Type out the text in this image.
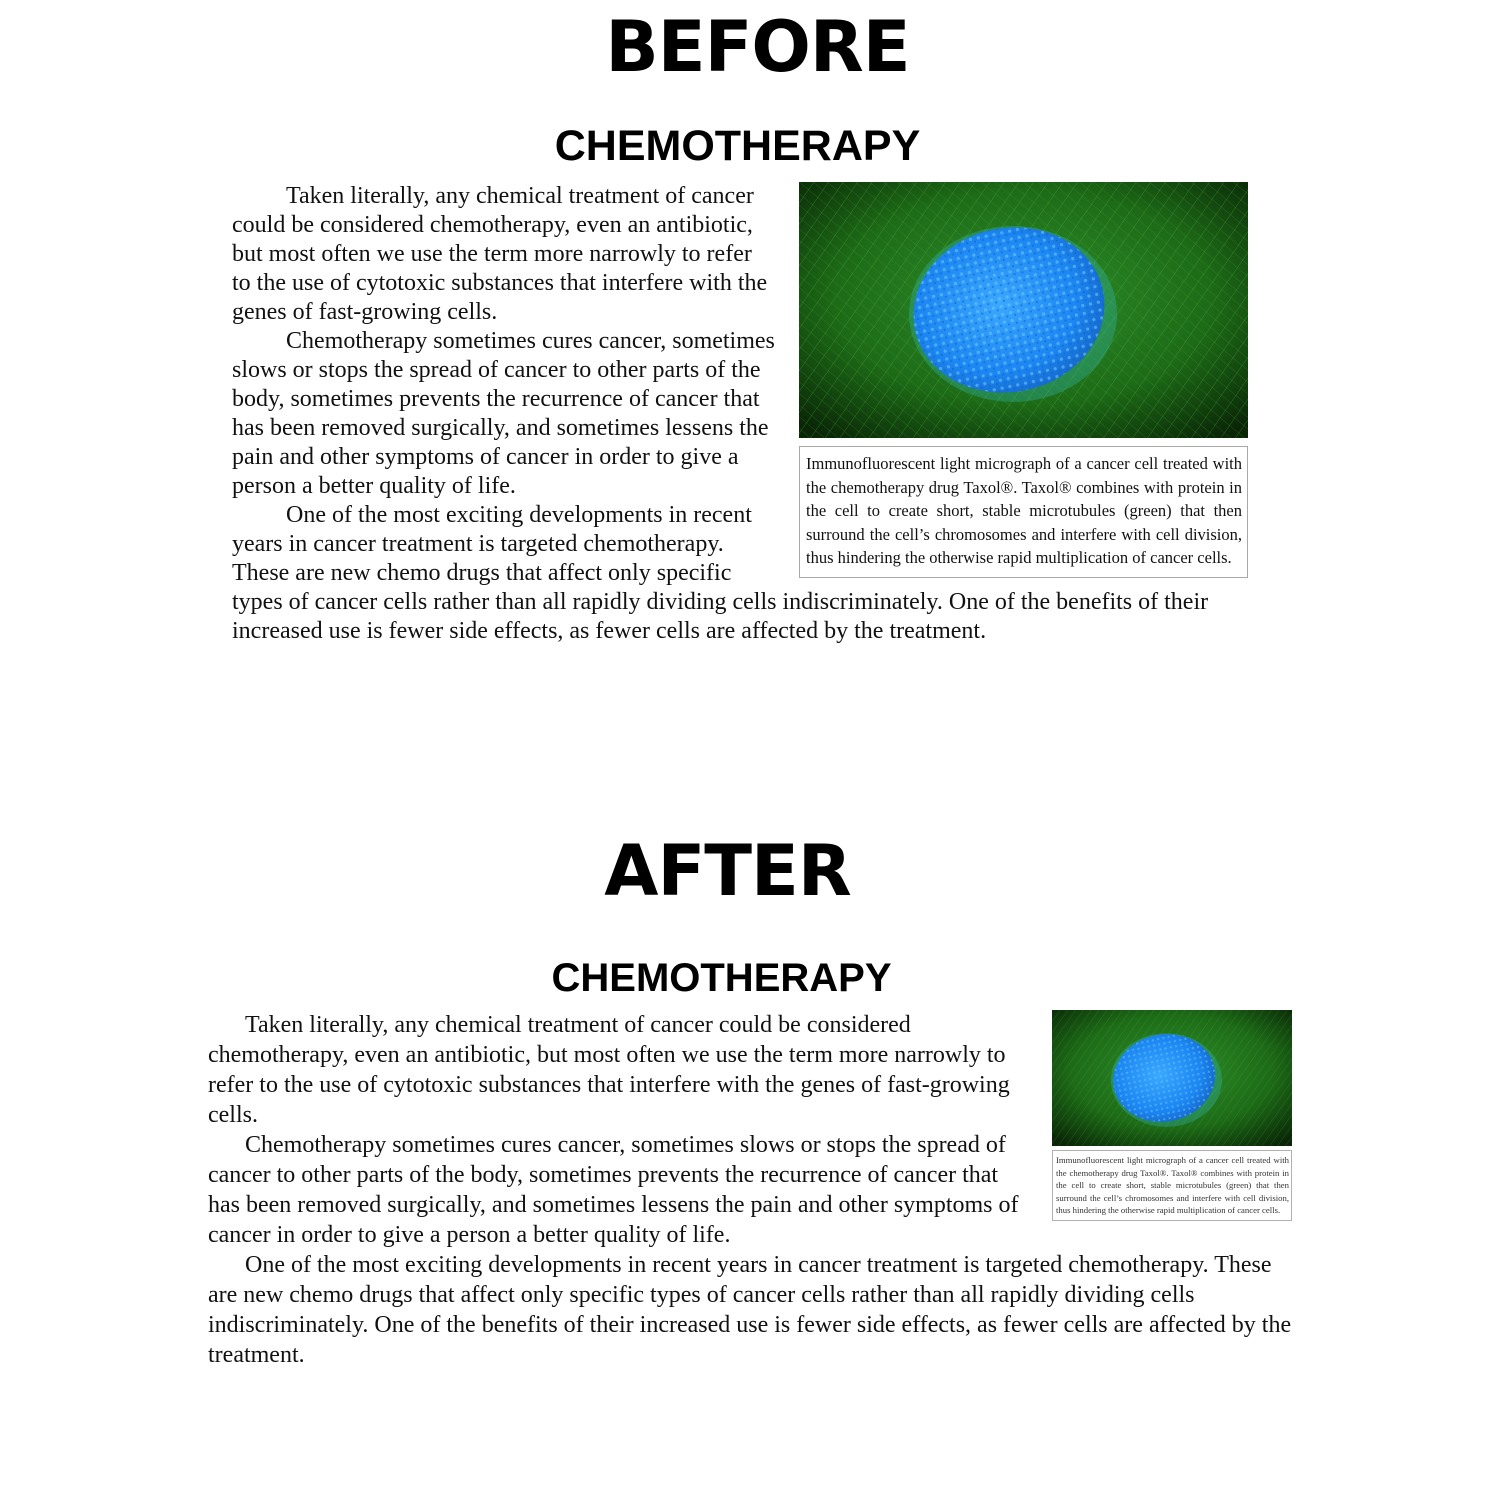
BEFORE
CHEMOTHERAPY
Immunofluorescent light micrograph of a cancer cell treated with the chemotherapy drug Taxol®. Taxol® combines with protein in the cell to create short, stable microtubules (green) that then surround the cell’s chromosomes and interfere with cell division, thus hindering the otherwise rapid multiplication of cancer cells.

Taken literally, any chemical treatment of cancer could be considered chemotherapy, even an antibiotic, but most often we use the term more narrowly to refer to the use of cytotoxic substances that interfere with the genes of fast-growing cells.

Chemotherapy sometimes cures cancer, sometimes slows or stops the spread of cancer to other parts of the body, sometimes prevents the recurrence of cancer that has been removed surgically, and sometimes lessens the pain and other symptoms of cancer in order to give a person a better quality of life.

One of the most exciting developments in recent years in cancer treatment is targeted chemotherapy. These are new chemo drugs that affect only specific types of cancer cells rather than all rapidly dividing cells indiscriminately. One of the benefits of their increased use is fewer side effects, as fewer cells are affected by the treatment.

AFTER
CHEMOTHERAPY
Immunofluorescent light micrograph of a cancer cell treated with the chemotherapy drug Taxol®. Taxol® combines with protein in the cell to create short, stable microtubules (green) that then surround the cell’s chromosomes and interfere with cell division, thus hindering the otherwise rapid multiplication of cancer cells.

Taken literally, any chemical treatment of cancer could be considered chemotherapy, even an antibiotic, but most often we use the term more narrowly to refer to the use of cytotoxic substances that interfere with the genes of fast-growing cells.

Chemotherapy sometimes cures cancer, sometimes slows or stops the spread of cancer to other parts of the body, sometimes prevents the recurrence of cancer that has been removed surgically, and sometimes lessens the pain and other symptoms of cancer in order to give a person a better quality of life.

One of the most exciting developments in recent years in cancer treatment is targeted chemotherapy. These are new chemo drugs that affect only specific types of cancer cells rather than all rapidly dividing cells indiscriminately. One of the benefits of their increased use is fewer side effects, as fewer cells are affected by the treatment.
